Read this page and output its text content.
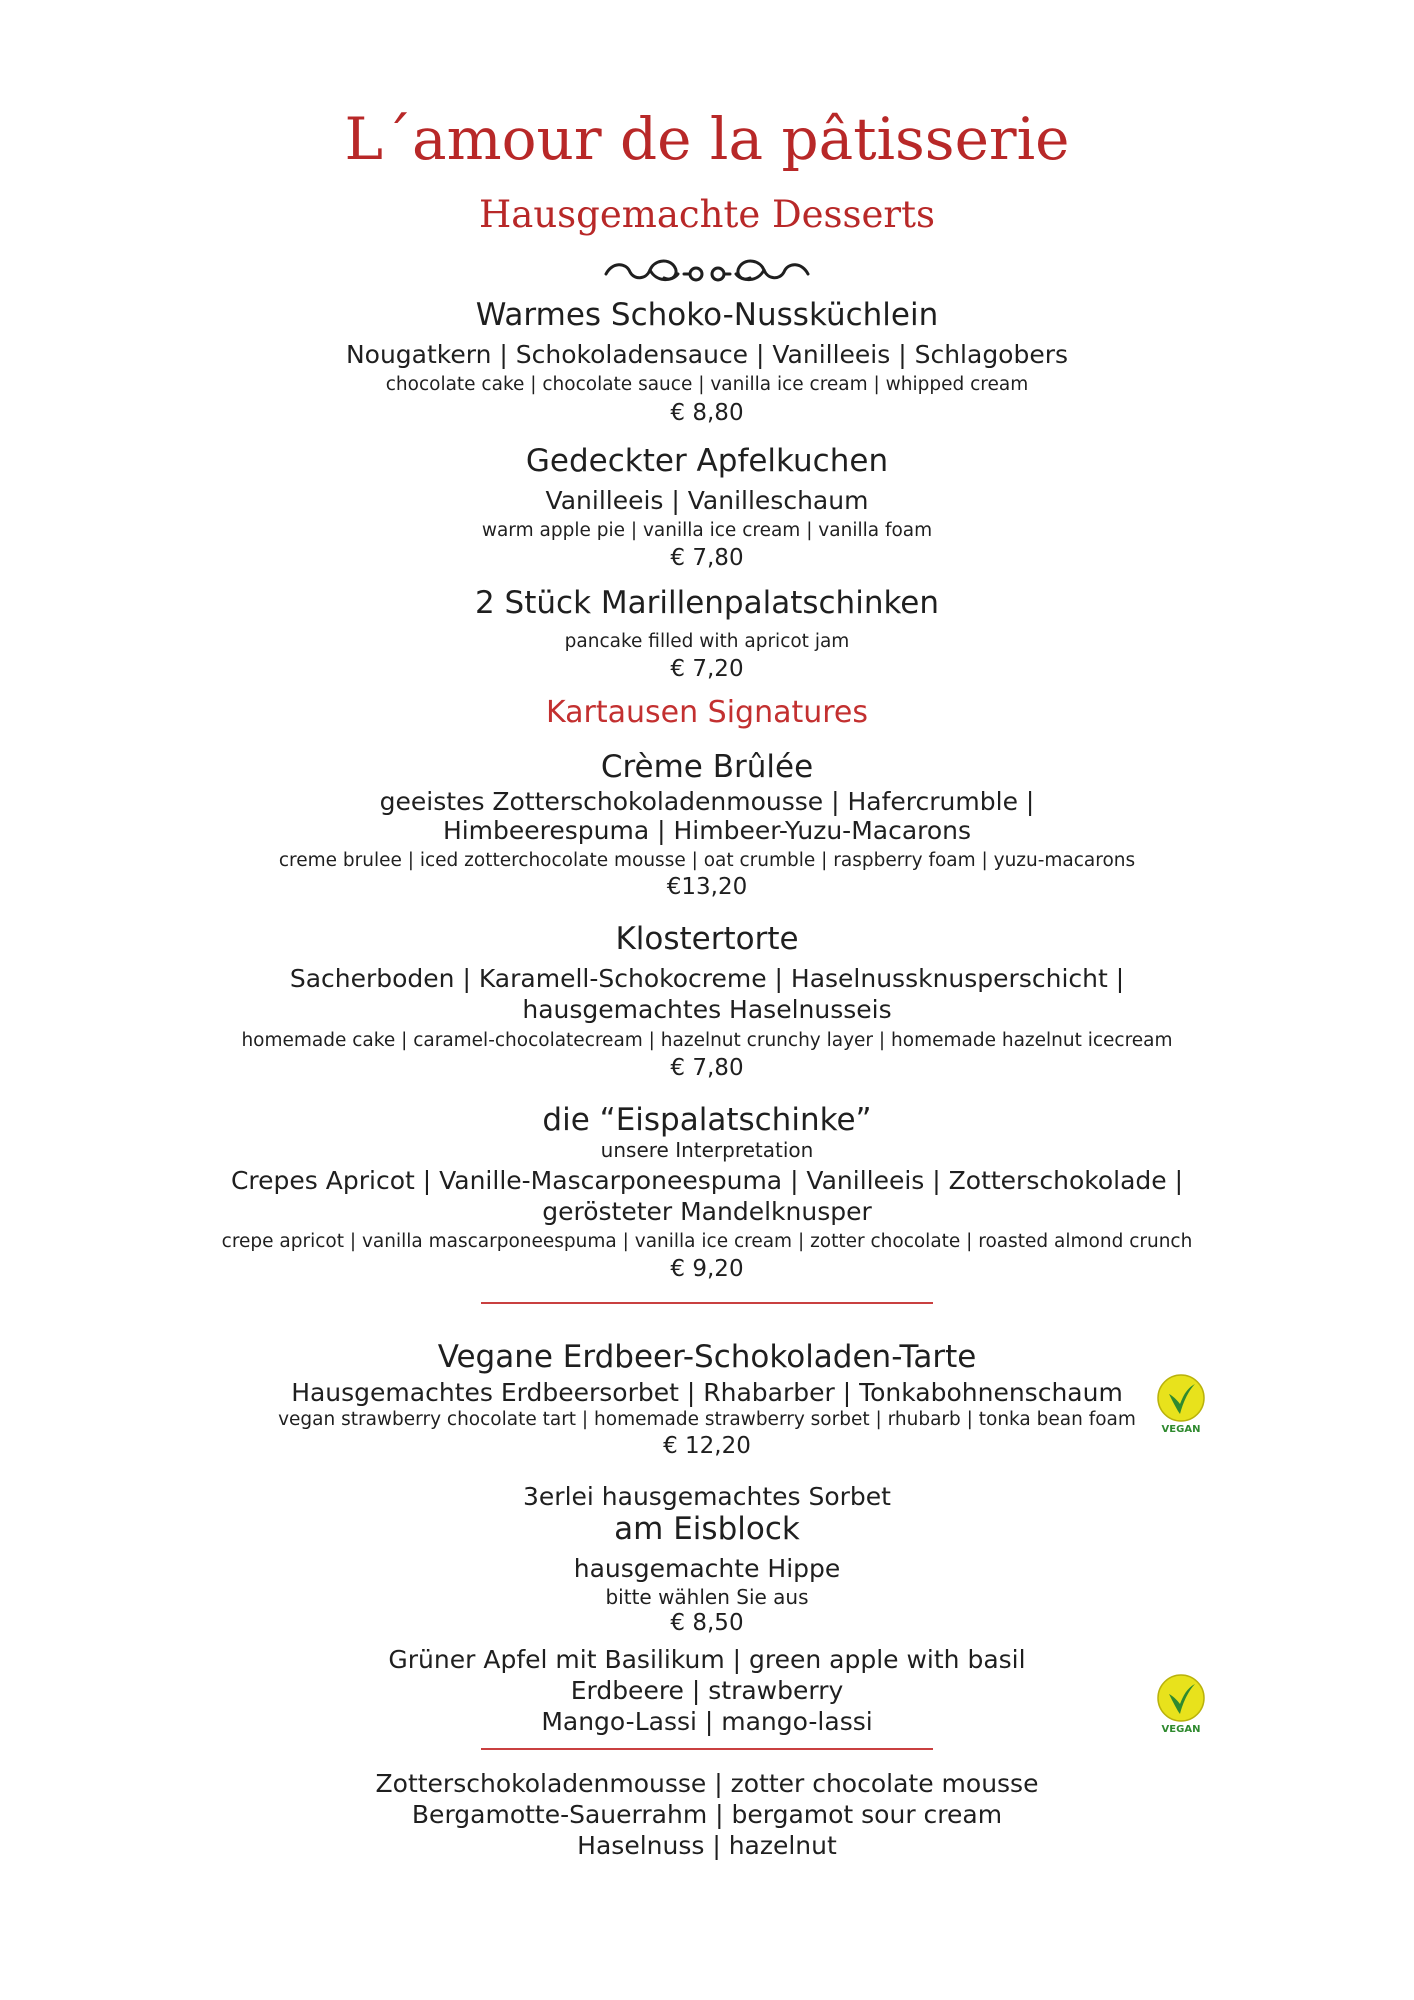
L´amour de la pâtisserie
Hausgemachte Desserts
Warmes Schoko-Nussküchlein
Nougatkern | Schokoladensauce | Vanilleeis | Schlagobers
chocolate cake | chocolate sauce | vanilla ice cream | whipped cream
€ 8,80
Gedeckter Apfelkuchen
Vanilleeis | Vanilleschaum
warm apple pie | vanilla ice cream | vanilla foam
€ 7,80
2 Stück Marillenpalatschinken
pancake filled with apricot jam
€ 7,20
Kartausen Signatures
Crème Brûlée
geeistes Zotterschokoladenmousse | Hafercrumble |
Himbeerespuma | Himbeer-Yuzu-Macarons
creme brulee | iced zotterchocolate mousse | oat crumble | raspberry foam | yuzu-macarons
€13,20
Klostertorte
Sacherboden | Karamell-Schokocreme | Haselnussknusperschicht |
hausgemachtes Haselnusseis
homemade cake | caramel-chocolatecream | hazelnut crunchy layer | homemade hazelnut icecream
€ 7,80
die “Eispalatschinke”
unsere Interpretation
Crepes Apricot | Vanille-Mascarponeespuma | Vanilleeis | Zotterschokolade |
gerösteter Mandelknusper
crepe apricot | vanilla mascarponeespuma | vanilla ice cream | zotter chocolate | roasted almond crunch
€ 9,20
Vegane Erdbeer-Schokoladen-Tarte
Hausgemachtes Erdbeersorbet | Rhabarber | Tonkabohnenschaum
vegan strawberry chocolate tart | homemade strawberry sorbet | rhubarb | tonka bean foam
€ 12,20
VEGAN
3erlei hausgemachtes Sorbet
am Eisblock
hausgemachte Hippe
bitte wählen Sie aus
€ 8,50
Grüner Apfel mit Basilikum | green apple with basil
Erdbeere | strawberry
Mango-Lassi | mango-lassi	VEGAN
Zotterschokoladenmousse | zotter chocolate mousse
Bergamotte-Sauerrahm | bergamot sour cream
Haselnuss | hazelnut
